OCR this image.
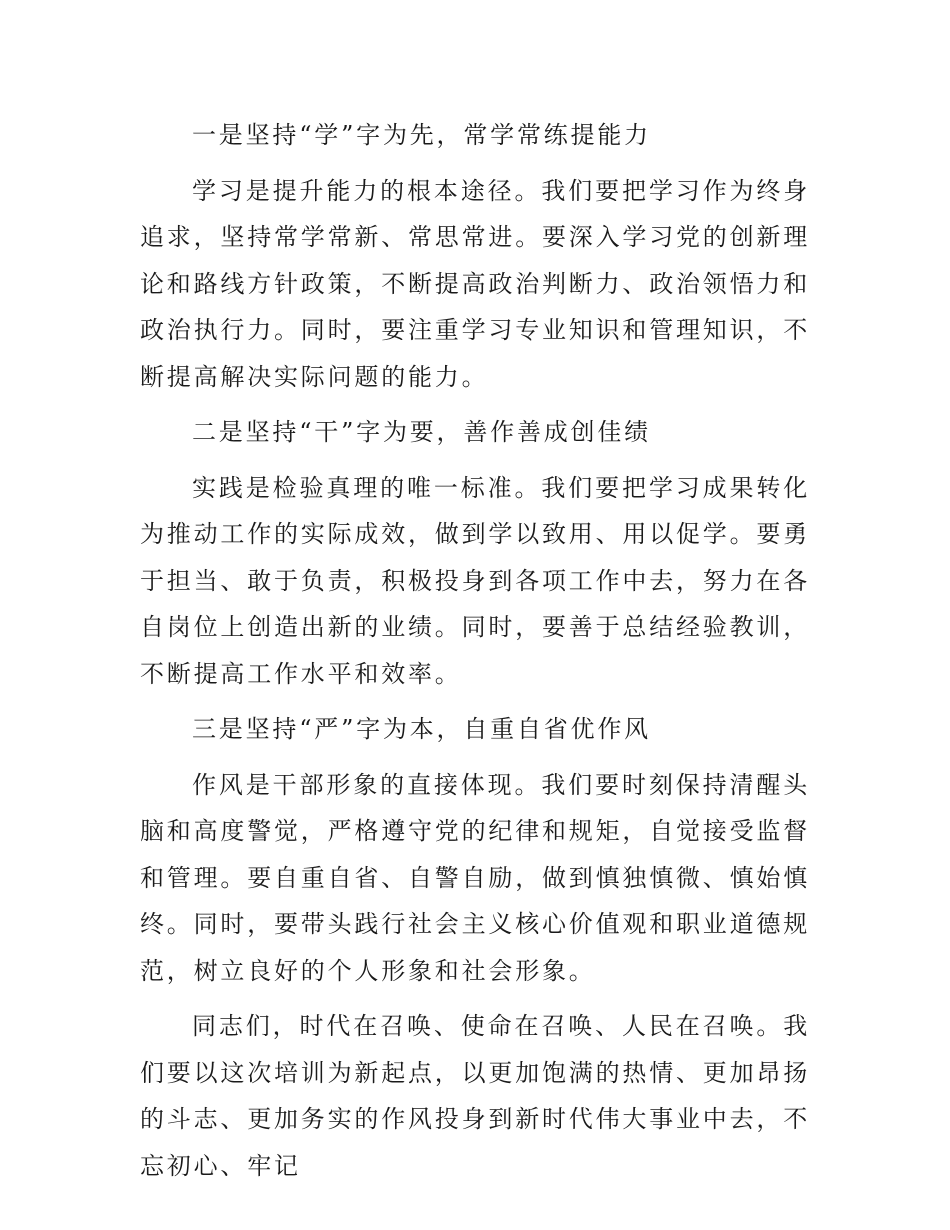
一是坚持“学”字为先，常学常练提能力

学习是提升能力的根本途径。我们要把学习作为终身追求，坚持常学常新、常思常进。要深入学习党的创新理论和路线方针政策，不断提高政治判断力、政治领悟力和政治执行力。同时，要注重学习专业知识和管理知识，不断提高解决实际问题的能力。

二是坚持“干”字为要，善作善成创佳绩

实践是检验真理的唯一标准。我们要把学习成果转化为推动工作的实际成效，做到学以致用、用以促学。要勇于担当、敢于负责，积极投身到各项工作中去，努力在各自岗位上创造出新的业绩。同时，要善于总结经验教训，不断提高工作水平和效率。

三是坚持“严”字为本，自重自省优作风

作风是干部形象的直接体现。我们要时刻保持清醒头脑和高度警觉，严格遵守党的纪律和规矩，自觉接受监督和管理。要自重自省、自警自励，做到慎独慎微、慎始慎终。同时，要带头践行社会主义核心价值观和职业道德规范，树立良好的个人形象和社会形象。

同志们，时代在召唤、使命在召唤、人民在召唤。我们要以这次培训为新起点，以更加饱满的热情、更加昂扬的斗志、更加务实的作风投身到新时代伟大事业中去，不忘初心、牢记
